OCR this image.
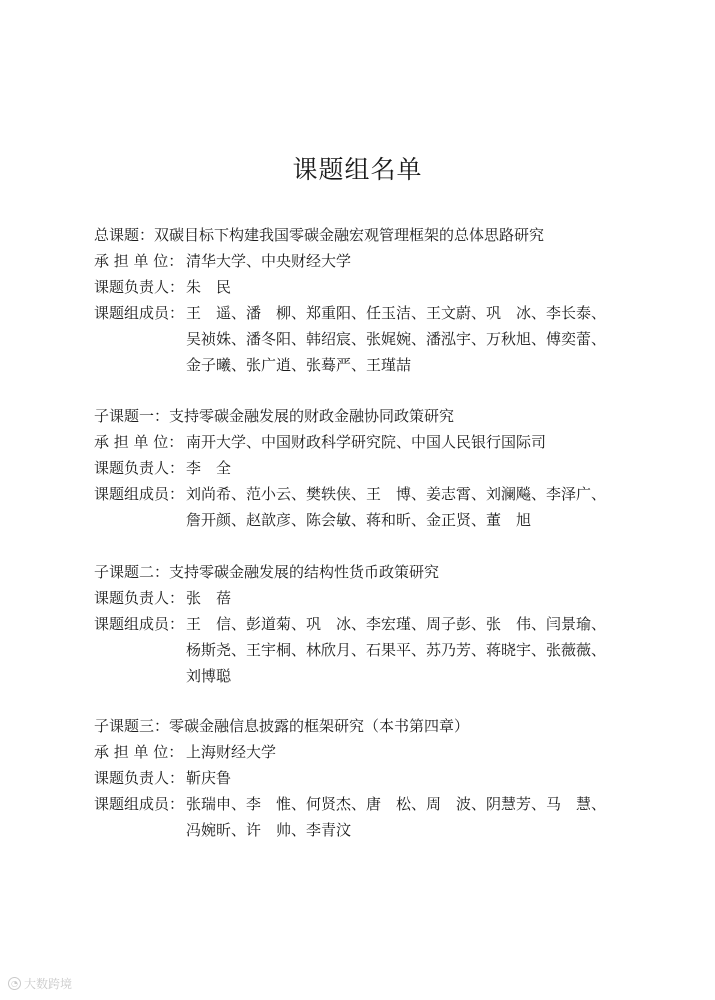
课题组名单
总课题：双碳目标下构建我国零碳金融宏观管理框架的总体思路研究
承 担 单 位： 清华大学、中央财经大学
课题负责人： 朱　民
课题组成员： 王　遥、潘　柳、郑重阳、任玉洁、王文蔚、巩　冰、李长泰、
吴祯姝、潘冬阳、韩绍宸、张娓婉、潘泓宇、万秋旭、傅奕蕾、
金子曦、张广逍、张蓦严、王瑾喆
子课题一：支持零碳金融发展的财政金融协同政策研究
承 担 单 位： 南开大学、中国财政科学研究院、中国人民银行国际司
课题负责人： 李　全
课题组成员： 刘尚希、范小云、樊轶侠、王　博、姜志霄、刘澜飚、李泽广、
詹开颜、赵歆彦、陈会敏、蒋和昕、金正贤、董　旭
子课题二：支持零碳金融发展的结构性货币政策研究
课题负责人： 张　蓓
课题组成员： 王　信、彭道菊、巩　冰、李宏瑾、周子彭、张　伟、闫景瑜、
杨斯尧、王宇桐、林欣月、石果平、苏乃芳、蒋晓宇、张薇薇、
刘博聪
子课题三：零碳金融信息披露的框架研究（本书第四章）
承 担 单 位： 上海财经大学
课题负责人： 靳庆鲁
课题组成员： 张瑞申、李　惟、何贤杰、唐　松、周　波、阴慧芳、马　慧、
冯婉昕、许　帅、李青汶
◔ 大数跨境
